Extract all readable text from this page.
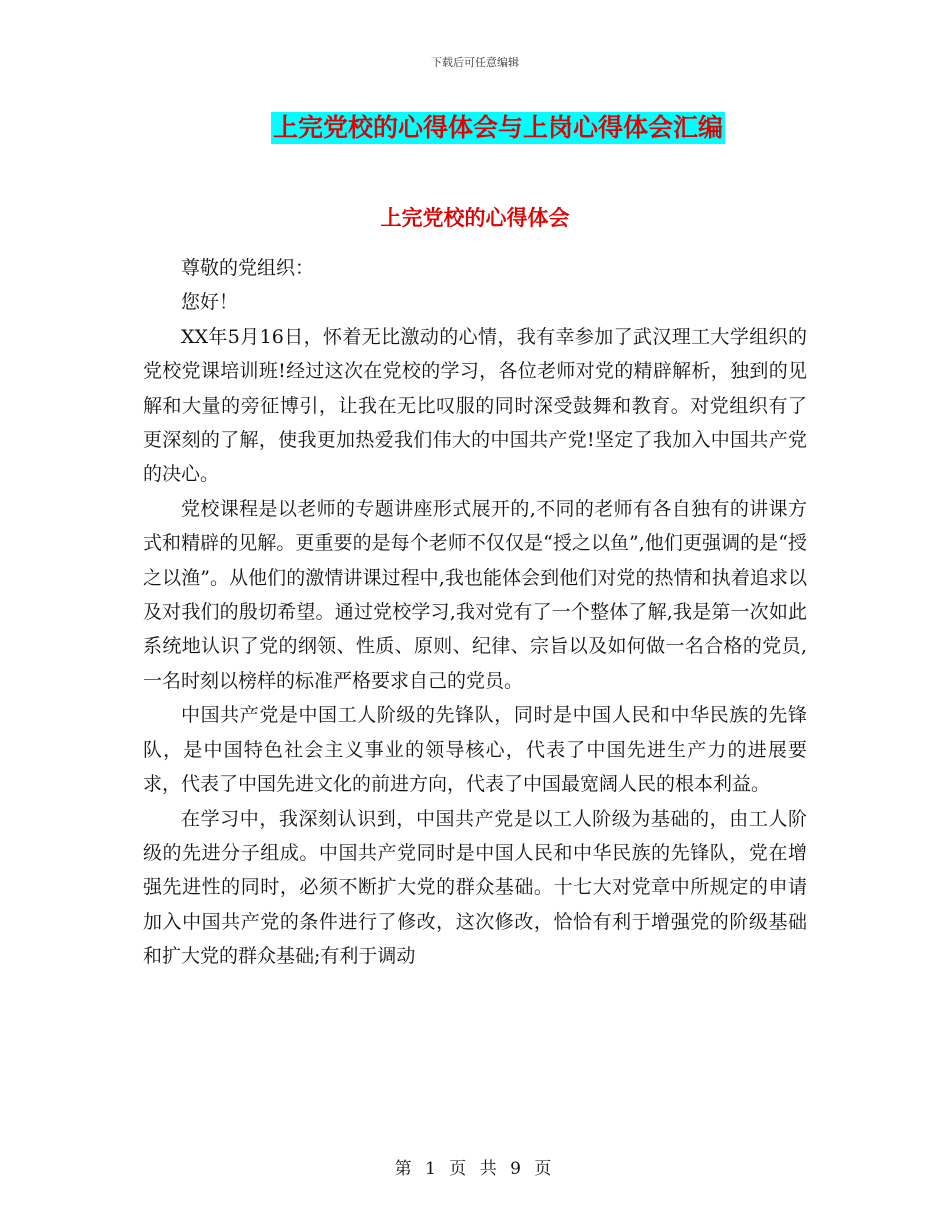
下载后可任意编辑
上完党校的心得体会与上岗心得体会汇编
上完党校的心得体会

尊敬的党组织：

您好！

XX年5月16日，怀着无比激动的心情，我有幸参加了武汉理工大学组织的党校党课培训班!经过这次在党校的学习，各位老师对党的精辟解析，独到的见解和大量的旁征博引，让我在无比叹服的同时深受鼓舞和教育。对党组织有了更深刻的了解，使我更加热爱我们伟大的中国共产党!坚定了我加入中国共产党的决心。

党校课程是以老师的专题讲座形式展开的,不同的老师有各自独有的讲课方式和精辟的见解。更重要的是每个老师不仅仅是“授之以鱼”,他们更强调的是“授之以渔”。从他们的激情讲课过程中,我也能体会到他们对党的热情和执着追求以及对我们的殷切希望。通过党校学习,我对党有了一个整体了解,我是第一次如此系统地认识了党的纲领、性质、原则、纪律、宗旨以及如何做一名合格的党员,一名时刻以榜样的标准严格要求自己的党员。

中国共产党是中国工人阶级的先锋队，同时是中国人民和中华民族的先锋队，是中国特色社会主义事业的领导核心，代表了中国先进生产力的进展要求，代表了中国先进文化的前进方向，代表了中国最宽阔人民的根本利益。

在学习中，我深刻认识到，中国共产党是以工人阶级为基础的，由工人阶级的先进分子组成。中国共产党同时是中国人民和中华民族的先锋队，党在增强先进性的同时，必须不断扩大党的群众基础。十七大对党章中所规定的申请加入中国共产党的条件进行了修改，这次修改，恰恰有利于增强党的阶级基础和扩大党的群众基础;有利于调动

第 1 页 共 9 页
